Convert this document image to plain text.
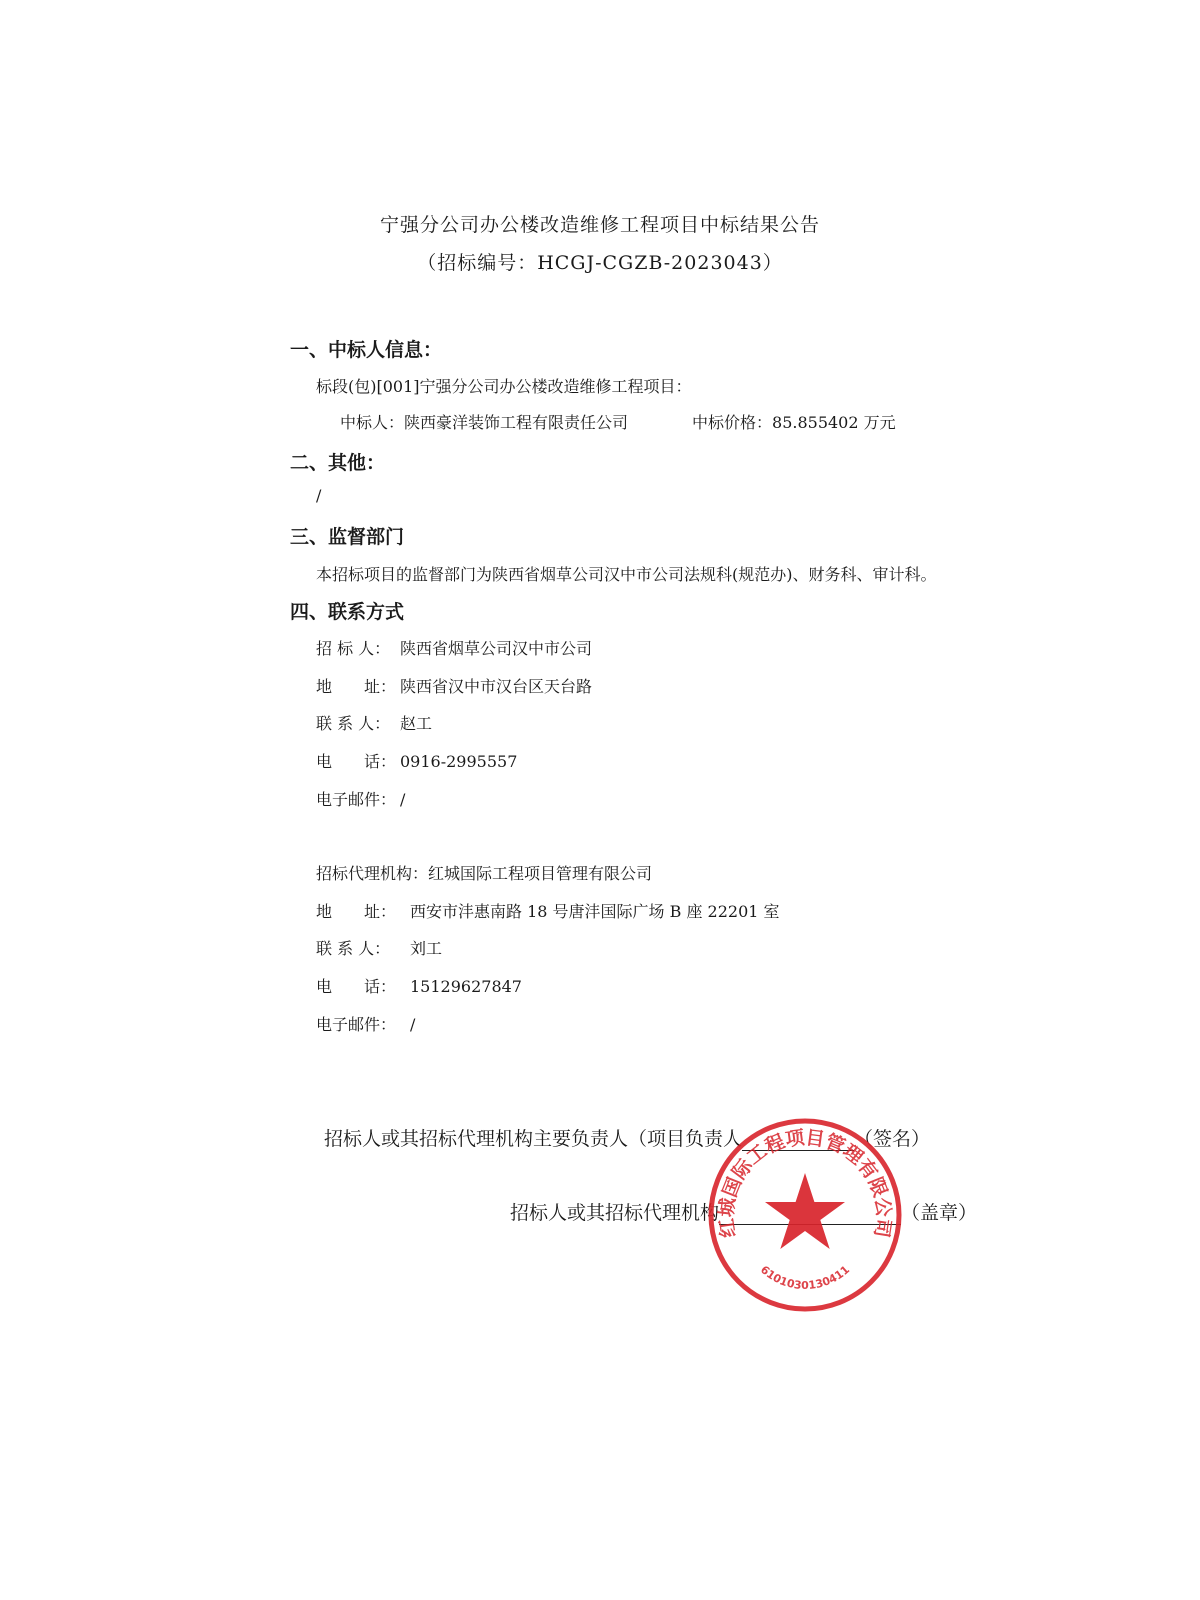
宁强分公司办公楼改造维修工程项目中标结果公告
（招标编号：HCGJ-CGZB-2023043）
一、中标人信息：
标段(包)[001]宁强分公司办公楼改造维修工程项目：
中标人：陕西豪洋装饰工程有限责任公司	中标价格：85.855402 万元
二、其他：
/
三、监督部门
本招标项目的监督部门为陕西省烟草公司汉中市公司法规科(规范办)、财务科、审计科。
四、联系方式
招 标 人： 陕西省烟草公司汉中市公司
地　　址： 陕西省汉中市汉台区天台路
联 系 人： 赵工
电　　话： 0916-2995557
电子邮件： /
招标代理机构：红城国际工程项目管理有限公司
地　　址： 西安市沣惠南路 18 号唐沣国际广场 B 座 22201 室
联 系 人： 刘工
电　　话： 15129627847
电子邮件： /
招标人或其招标代理机构主要负责人（项目负责人	（签名）
招标人或其招标代理机构	（盖章）
红城国际工程项目管理有限公司
6101030130411
